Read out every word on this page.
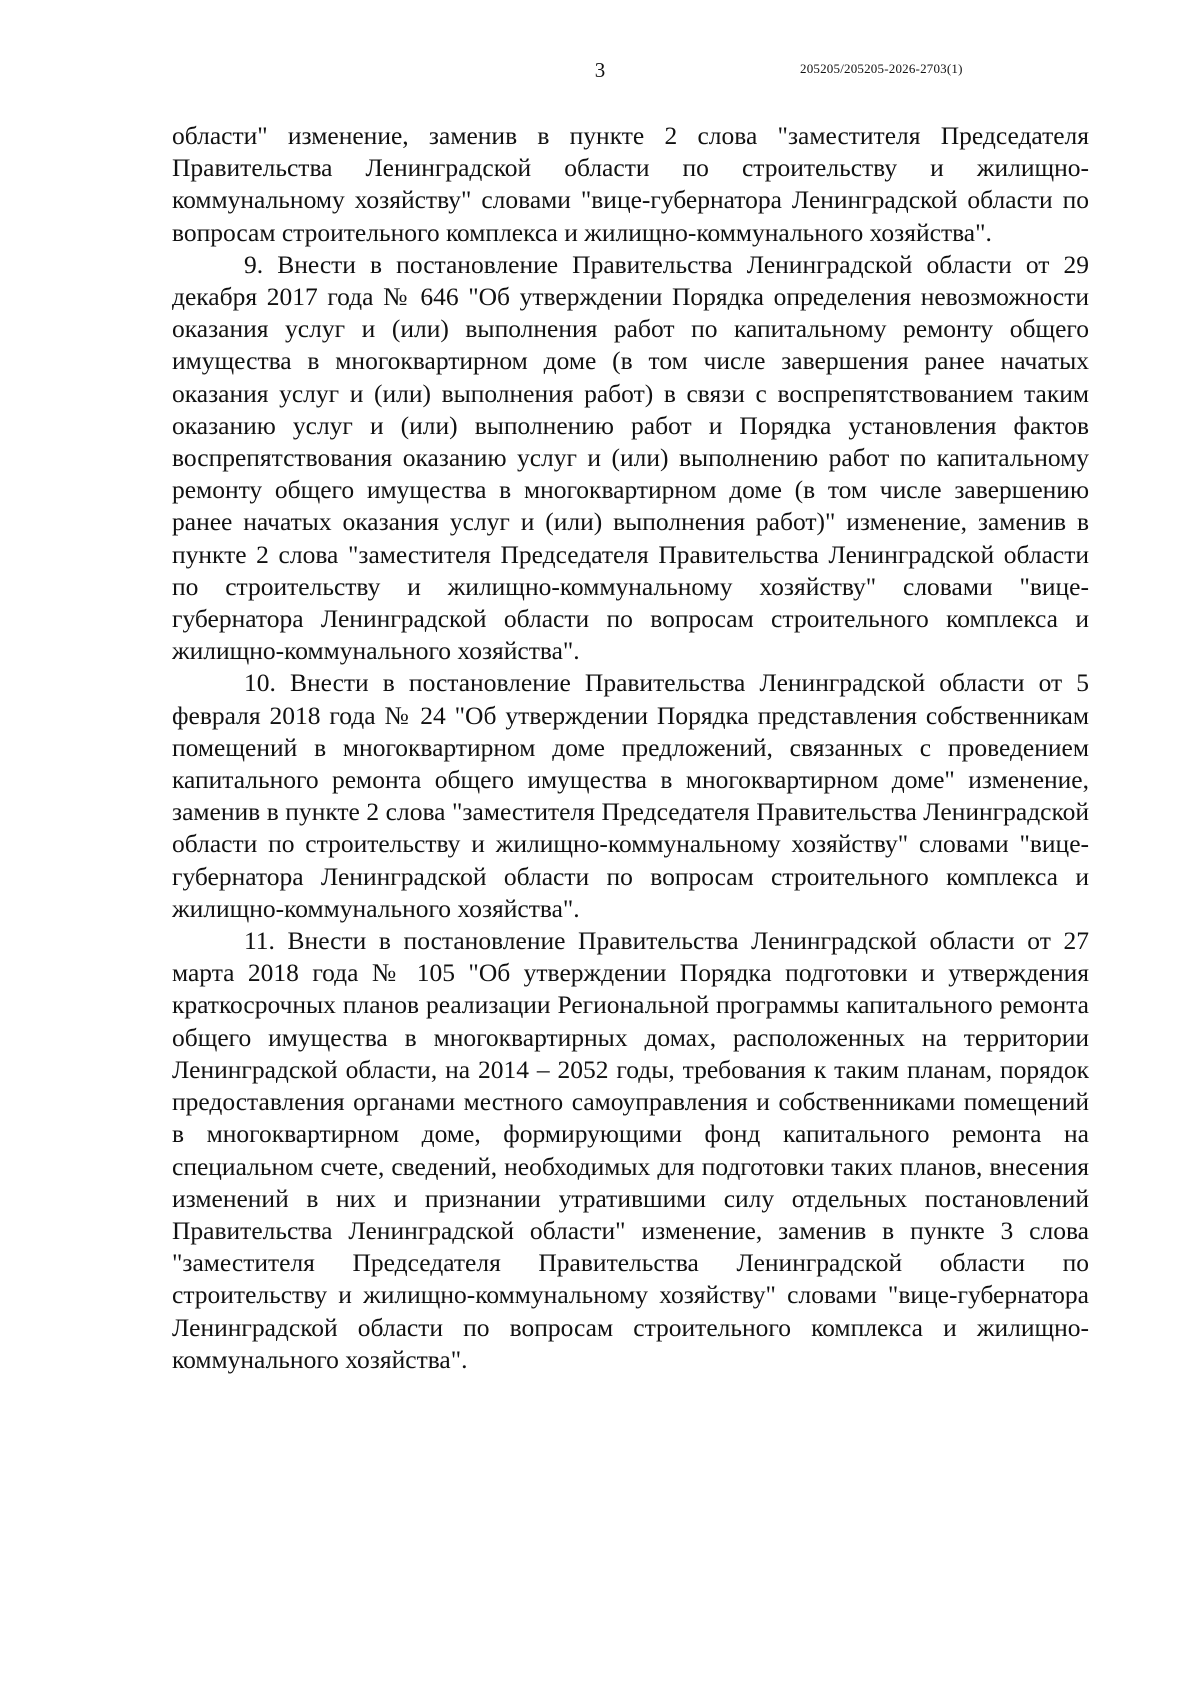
3	205205/205205-2026-2703(1)

области" изменение, заменив в пункте 2 слова "заместителя Председателя Правительства Ленинградской области по строительству и жилищно-коммунальному хозяйству" словами "вице-губернатора Ленинградской области по вопросам строительного комплекса и жилищно-коммунального хозяйства".

9. Внести в постановление Правительства Ленинградской области от 29 декабря 2017 года № 646 "Об утверждении Порядка определения невозможности оказания услуг и (или) выполнения работ по капитальному ремонту общего имущества в многоквартирном доме (в том числе завершения ранее начатых оказания услуг и (или) выполнения работ) в связи с воспрепятствованием таким оказанию услуг и (или) выполнению работ и Порядка установления фактов воспрепятствования оказанию услуг и (или) выполнению работ по капитальному ремонту общего имущества в многоквартирном доме (в том числе завершению ранее начатых оказания услуг и (или) выполнения работ)" изменение, заменив в пункте 2 слова "заместителя Председателя Правительства Ленинградской области по строительству и жилищно-коммунальному хозяйству" словами "вице-губернатора Ленинградской области по вопросам строительного комплекса и жилищно-коммунального хозяйства".

10. Внести в постановление Правительства Ленинградской области от 5 февраля 2018 года № 24 "Об утверждении Порядка представления собственникам помещений в многоквартирном доме предложений, связанных с проведением капитального ремонта общего имущества в многоквартирном доме" изменение, заменив в пункте 2 слова "заместителя Председателя Правительства Ленинградской области по строительству и жилищно-коммунальному хозяйству" словами "вице-губернатора Ленинградской области по вопросам строительного комплекса и жилищно-коммунального хозяйства".

11. Внести в постановление Правительства Ленинградской области от 27 марта 2018 года № 105 "Об утверждении Порядка подготовки и утверждения краткосрочных планов реализации Региональной программы капитального ремонта общего имущества в многоквартирных домах, расположенных на территории Ленинградской области, на 2014 – 2052 годы, требования к таким планам, порядок предоставления органами местного самоуправления и собственниками помещений в многоквартирном доме, формирующими фонд капитального ремонта на специальном счете, сведений, необходимых для подготовки таких планов, внесения изменений в них и признании утратившими силу отдельных постановлений Правительства Ленинградской области" изменение, заменив в пункте 3 слова "заместителя Председателя Правительства Ленинградской области по строительству и жилищно-коммунальному хозяйству" словами "вице-губернатора Ленинградской области по вопросам строительного комплекса и жилищно-коммунального хозяйства".
